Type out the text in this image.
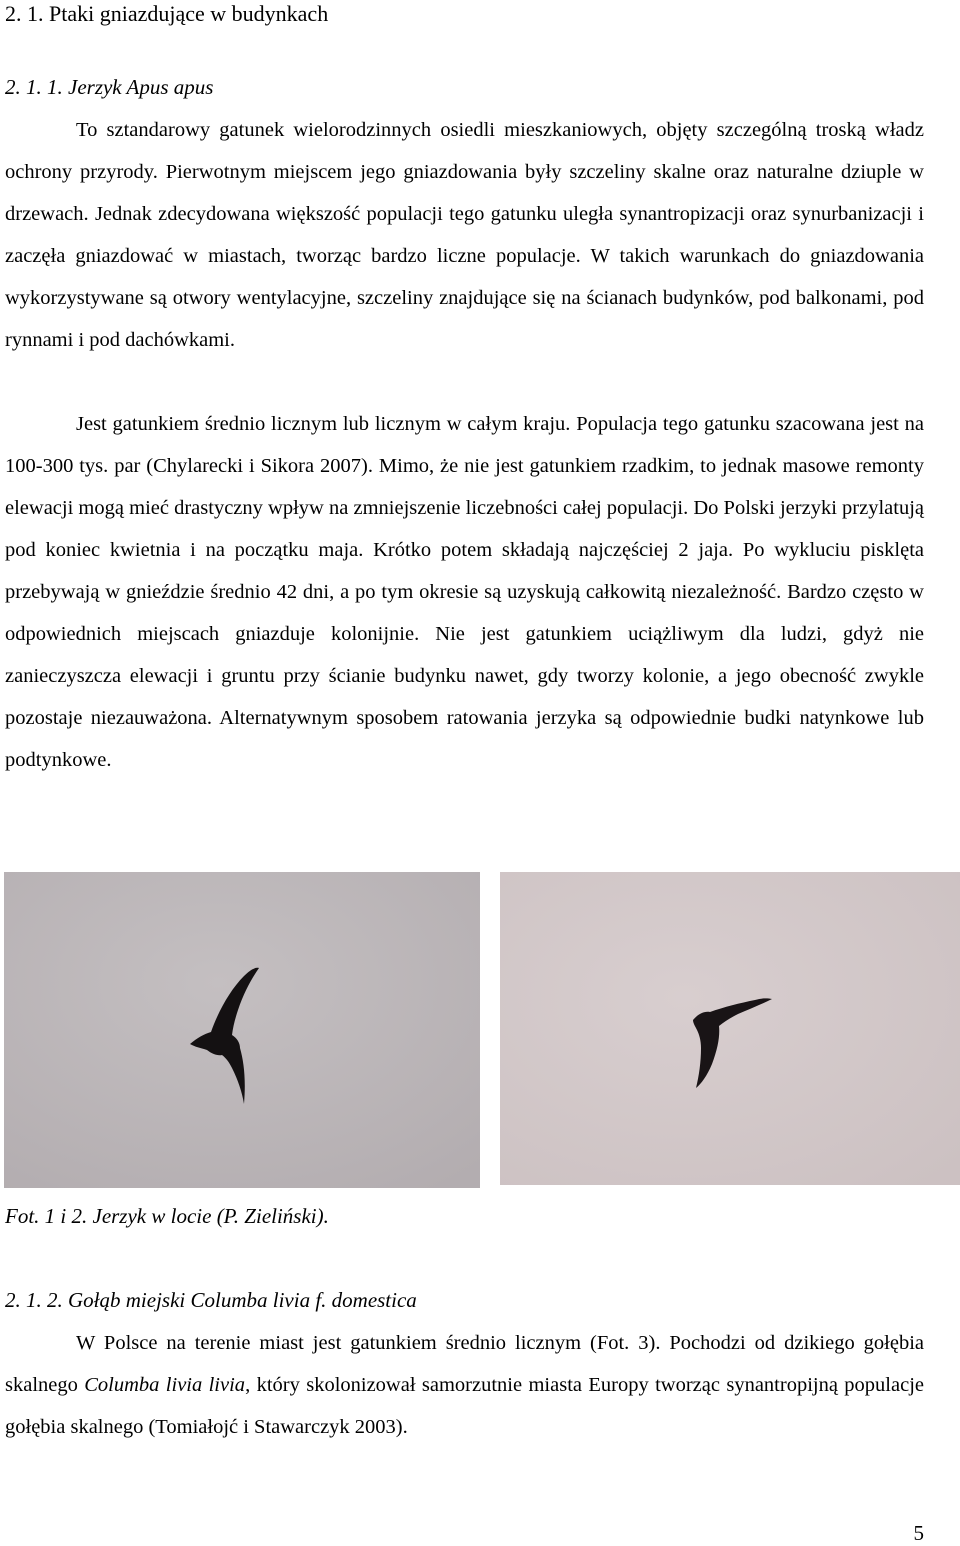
2. 1. Ptaki gniazdujące w budynkach
2. 1. 1. Jerzyk Apus apus

To sztandarowy gatunek wielorodzinnych osiedli mieszkaniowych, objęty szczególną troską władz ochrony przyrody. Pierwotnym miejscem jego gniazdowania były szczeliny skalne oraz naturalne dziuple w drzewach. Jednak zdecydowana większość populacji tego gatunku uległa synantropizacji oraz synurbanizacji i zaczęła gniazdować w miastach, tworząc bardzo liczne populacje. W takich warunkach do gniazdowania wykorzystywane są otwory wentylacyjne, szczeliny znajdujące się na ścianach budynków, pod balkonami, pod rynnami i pod dachówkami.

Jest gatunkiem średnio licznym lub licznym w całym kraju. Populacja tego gatunku szacowana jest na 100-300 tys. par (Chylarecki i Sikora 2007). Mimo, że nie jest gatunkiem rzadkim, to jednak masowe remonty elewacji mogą mieć drastyczny wpływ na zmniejszenie liczebności całej populacji. Do Polski jerzyki przylatują pod koniec kwietnia i na początku maja. Krótko potem składają najczęściej 2 jaja. Po wykluciu pisklęta przebywają w gnieździe średnio 42 dni, a po tym okresie są uzyskują całkowitą niezależność. Bardzo często w odpowiednich miejscach gniazduje kolonijnie. Nie jest gatunkiem uciążliwym dla ludzi, gdyż nie zanieczyszcza elewacji i gruntu przy ścianie budynku nawet, gdy tworzy kolonie, a jego obecność zwykle pozostaje niezauważona. Alternatywnym sposobem ratowania jerzyka są odpowiednie budki natynkowe lub podtynkowe.

Fot. 1 i 2. Jerzyk w locie (P. Zieliński).

2. 1. 2. Gołąb miejski Columba livia f. domestica

W Polsce na terenie miast jest gatunkiem średnio licznym (Fot. 3). Pochodzi od dzikiego gołębia skalnego Columba livia livia, który skolonizował samorzutnie miasta Europy tworząc synantropijną populacje gołębia skalnego (Tomiałojć i Stawarczyk 2003).

5
